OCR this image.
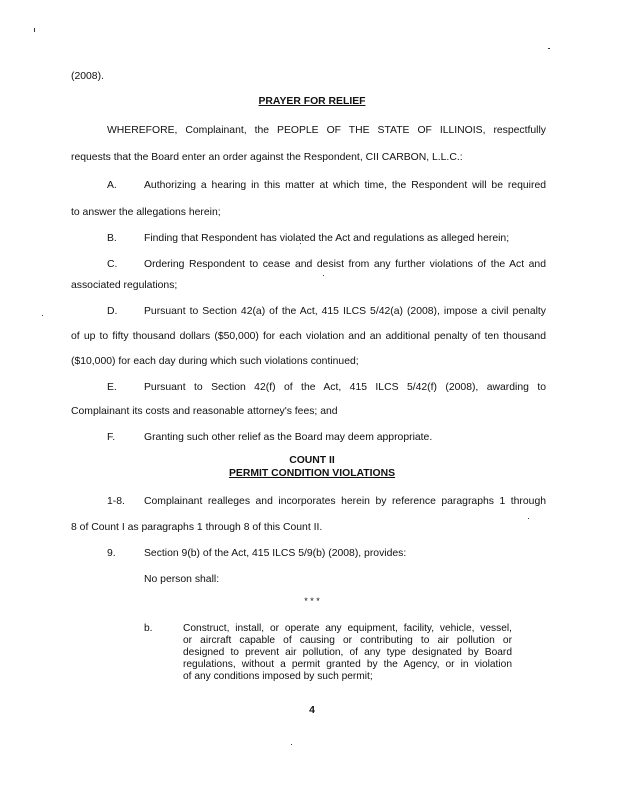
(2008).
PRAYER FOR RELIEF
WHEREFORE, Complainant, the PEOPLE OF THE STATE OF ILLINOIS, respectfully
requests that the Board enter an order against the Respondent, CII CARBON, L.L.C.:
A.	Authorizing a hearing in this matter at which time, the Respondent will be required
to answer the allegations herein;
B.	Finding that Respondent has violated the Act and regulations as alleged herein;
C.	Ordering Respondent to cease and desist from any further violations of the Act and
associated regulations;
D.	Pursuant to Section 42(a) of the Act, 415 ILCS 5/42(a) (2008), impose a civil penalty
of up to fifty thousand dollars ($50,000) for each violation and an additional penalty of ten thousand
($10,000) for each day during which such violations continued;
E.	Pursuant to Section 42(f) of the Act, 415 ILCS 5/42(f) (2008), awarding to
Complainant its costs and reasonable attorney's fees; and
F.	Granting such other relief as the Board may deem appropriate.
COUNT II
PERMIT CONDITION VIOLATIONS
1-8. Complainant realleges and incorporates herein by reference paragraphs 1 through
8 of Count I as paragraphs 1 through 8 of this Count II.
9.	Section 9(b) of the Act, 415 ILCS 5/9(b) (2008), provides:
No person shall:
* * *
b.	Construct, install, or operate any equipment, facility, vehicle, vessel,
or aircraft capable of causing or contributing to air pollution or
designed to prevent air pollution, of any type designated by Board
regulations, without a permit granted by the Agency, or in violation
of any conditions imposed by such permit;
4
